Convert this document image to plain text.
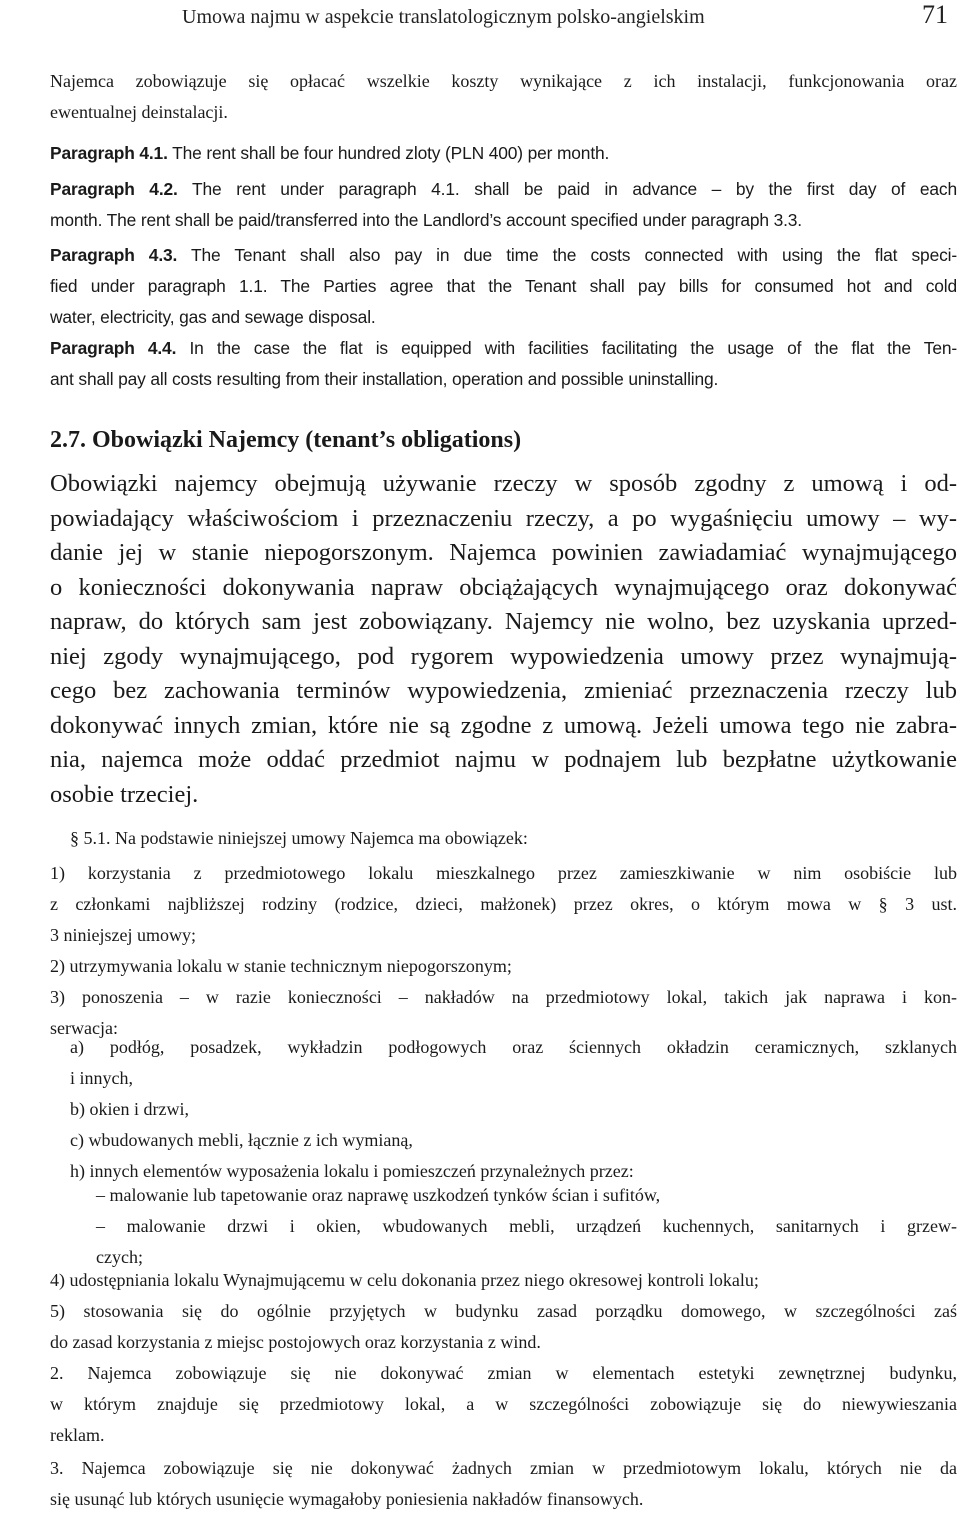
Umowa najmu w aspekcie translatologicznym polsko-angielskim	71
Najemca zobowiązuje się opłacać wszelkie koszty wynikające z ich instalacji, funkcjonowania oraz
ewentualnej deinstalacji.
Paragraph 4.1. The rent shall be four hundred zloty (PLN 400) per month.
Paragraph 4.2. The rent under paragraph 4.1. shall be paid in advance – by the first day of each
month. The rent shall be paid/transferred into the Landlord’s account specified under paragraph 3.3.
Paragraph 4.3. The Tenant shall also pay in due time the costs connected with using the flat speci-
fied under paragraph 1.1. The Parties agree that the Tenant shall pay bills for consumed hot and cold
water, electricity, gas and sewage disposal.
Paragraph 4.4. In the case the flat is equipped with facilities facilitating the usage of the flat the Ten-
ant shall pay all costs resulting from their installation, operation and possible uninstalling.
2.7. Obowiązki Najemcy (tenant’s obligations)
Obowiązki najemcy obejmują używanie rzeczy w sposób zgodny z umową i od-
powiadający właściwościom i przeznaczeniu rzeczy, a po wygaśnięciu umowy – wy-
danie jej w stanie niepogorszonym. Najemca powinien zawiadamiać wynajmującego
o konieczności dokonywania napraw obciążających wynajmującego oraz dokonywać
napraw, do których sam jest zobowiązany. Najemcy nie wolno, bez uzyskania uprzed-
niej zgody wynajmującego, pod rygorem wypowiedzenia umowy przez wynajmują-
cego bez zachowania terminów wypowiedzenia, zmieniać przeznaczenia rzeczy lub
dokonywać innych zmian, które nie są zgodne z umową. Jeżeli umowa tego nie zabra-
nia, najemca może oddać przedmiot najmu w podnajem lub bezpłatne użytkowanie
osobie trzeciej.
§ 5.1. Na podstawie niniejszej umowy Najemca ma obowiązek:
1) korzystania z przedmiotowego lokalu mieszkalnego przez zamieszkiwanie w nim osobiście lub
z członkami najbliższej rodziny (rodzice, dzieci, małżonek) przez okres, o którym mowa w § 3 ust.
3 niniejszej umowy;
2) utrzymywania lokalu w stanie technicznym niepogorszonym;
3) ponoszenia – w razie konieczności – nakładów na przedmiotowy lokal, takich jak naprawa i kon-
serwacja:
a) podłóg, posadzek, wykładzin podłogowych oraz ściennych okładzin ceramicznych, szklanych
i innych,
b) okien i drzwi,
c) wbudowanych mebli, łącznie z ich wymianą,
h) innych elementów wyposażenia lokalu i pomieszczeń przynależnych przez:
– malowanie lub tapetowanie oraz naprawę uszkodzeń tynków ścian i sufitów,
– malowanie drzwi i okien, wbudowanych mebli, urządzeń kuchennych, sanitarnych i grzew-
czych;
4) udostępniania lokalu Wynajmującemu w celu dokonania przez niego okresowej kontroli lokalu;
5) stosowania się do ogólnie przyjętych w budynku zasad porządku domowego, w szczególności zaś
do zasad korzystania z miejsc postojowych oraz korzystania z wind.
2. Najemca zobowiązuje się nie dokonywać zmian w elementach estetyki zewnętrznej budynku,
w którym znajduje się przedmiotowy lokal, a w szczególności zobowiązuje się do niewywieszania
reklam.
3. Najemca zobowiązuje się nie dokonywać żadnych zmian w przedmiotowym lokalu, których nie da
się usunąć lub których usunięcie wymagałoby poniesienia nakładów finansowych.
